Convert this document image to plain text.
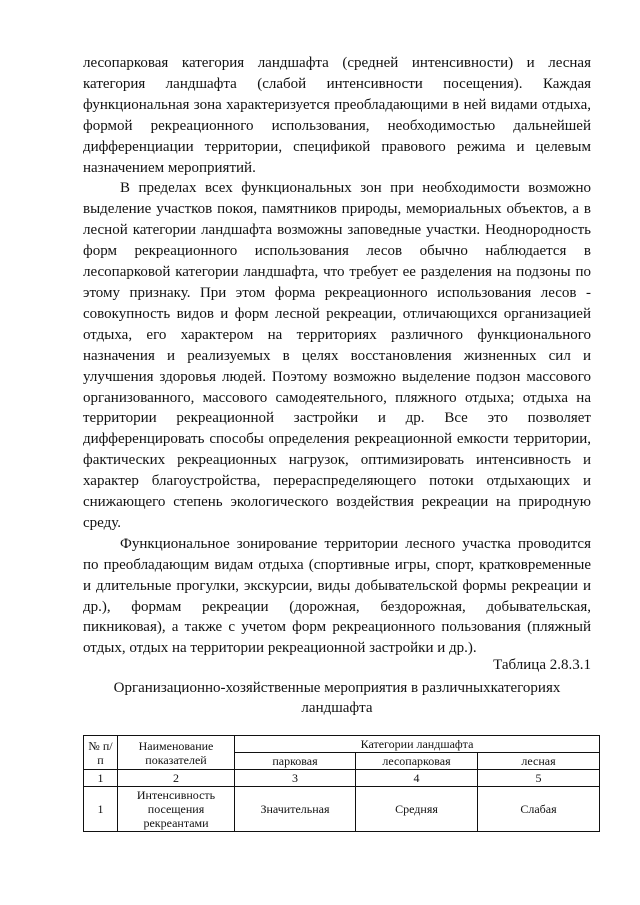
лесопарковая категория ландшафта (средней интенсивности) и лесная категория ландшафта (слабой интенсивности посещения). Каждая функциональная зона характеризуется преобладающими в ней видами отдыха, формой рекреационного использования, необходимостью дальнейшей дифференциации территории, спецификой правового режима и целевым назначением мероприятий.

В пределах всех функциональных зон при необходимости возможно выделение участков покоя, памятников природы, мемориальных объектов, а в лесной категории ландшафта возможны заповедные участки. Неоднородность форм рекреационного использования лесов обычно наблюдается в лесопарковой категории ландшафта, что требует ее разделения на подзоны по этому признаку. При этом форма рекреационного использования лесов - совокупность видов и форм лесной рекреации, отличающихся организацией отдыха, его характером на территориях различного функционального назначения и реализуемых в целях восстановления жизненных сил и улучшения здоровья людей. Поэтому возможно выделение подзон массового организованного, массового самодеятельного, пляжного отдыха; отдыха на территории рекреационной застройки и др. Все это позволяет дифференцировать способы определения рекреационной емкости территории, фактических рекреационных нагрузок, оптимизировать интенсивность и характер благоустройства, перераспределяющего потоки отдыхающих и снижающего степень экологического воздействия рекреации на природную среду.

Функциональное зонирование территории лесного участка проводится по преобладающим видам отдыха (спортивные игры, спорт, кратковременные и длительные прогулки, экскурсии, виды добывательской формы рекреации и др.), формам рекреации (дорожная, бездорожная, добывательская, пикниковая), а также с учетом форм рекреационного пользования (пляжный отдых, отдых на территории рекреационной застройки и др.).

Таблица 2.8.3.1
Организационно-хозяйственные мероприятия в различныхкатегориях
ландшафта
№ п/п	Наименование показателей	Категории ландшафта		
		парковая	лесопарковая	лесная
1	2	3	4	5
1	Интенсивность посещения рекреантами	Значительная	Средняя	Слабая
